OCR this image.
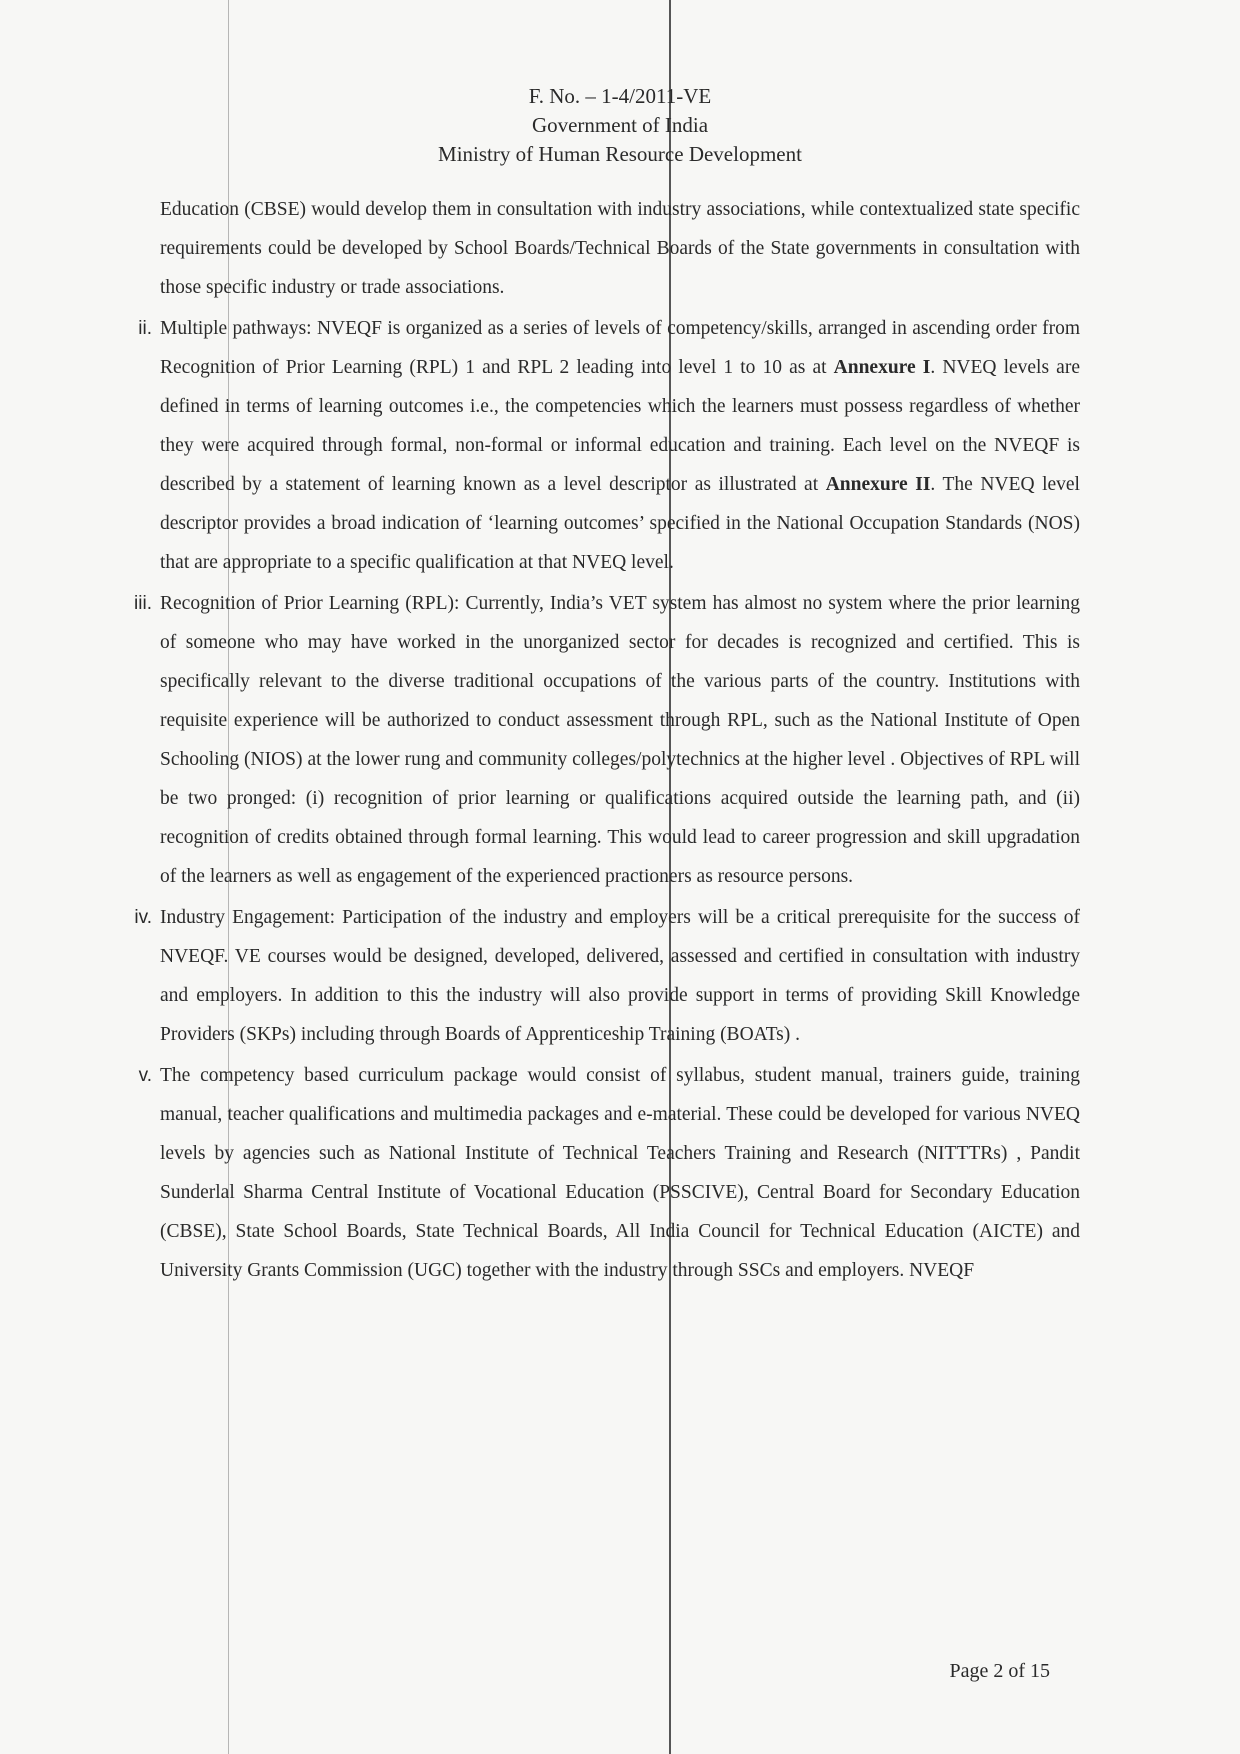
F. No. – 1-4/2011-VE
Government of India
Ministry of Human Resource Development

Education (CBSE) would develop them in consultation with industry associations, while contextualized state specific requirements could be developed by School Boards/Technical Boards of the State governments in consultation with those specific industry or trade associations.

ii. Multiple pathways: NVEQF is organized as a series of levels of competency/skills, arranged in ascending order from Recognition of Prior Learning (RPL) 1 and RPL 2 leading into level 1 to 10 as at Annexure I. NVEQ levels are defined in terms of learning outcomes i.e., the competencies which the learners must possess regardless of whether they were acquired through formal, non-formal or informal education and training. Each level on the NVEQF is described by a statement of learning known as a level descriptor as illustrated at Annexure II. The NVEQ level descriptor provides a broad indication of ‘learning outcomes’ specified in the National Occupation Standards (NOS) that are appropriate to a specific qualification at that NVEQ level.
iii. Recognition of Prior Learning (RPL): Currently, India’s VET system has almost no system where the prior learning of someone who may have worked in the unorganized sector for decades is recognized and certified. This is specifically relevant to the diverse traditional occupations of the various parts of the country. Institutions with requisite experience will be authorized to conduct assessment through RPL, such as the National Institute of Open Schooling (NIOS) at the lower rung and community colleges/polytechnics at the higher level . Objectives of RPL will be two pronged: (i) recognition of prior learning or qualifications acquired outside the learning path, and (ii) recognition of credits obtained through formal learning. This would lead to career progression and skill upgradation of the learners as well as engagement of the experienced practioners as resource persons.
iv. Industry Engagement: Participation of the industry and employers will be a critical prerequisite for the success of NVEQF. VE courses would be designed, developed, delivered, assessed and certified in consultation with industry and employers. In addition to this the industry will also provide support in terms of providing Skill Knowledge Providers (SKPs) including through Boards of Apprenticeship Training (BOATs) .
v. The competency based curriculum package would consist of syllabus, student manual, trainers guide, training manual, teacher qualifications and multimedia packages and e-material. These could be developed for various NVEQ levels by agencies such as National Institute of Technical Teachers Training and Research (NITTTRs) , Pandit Sunderlal Sharma Central Institute of Vocational Education (PSSCIVE), Central Board for Secondary Education (CBSE), State School Boards, State Technical Boards, All India Council for Technical Education (AICTE) and University Grants Commission (UGC) together with the industry through SSCs and employers. NVEQF
Page 2 of 15
